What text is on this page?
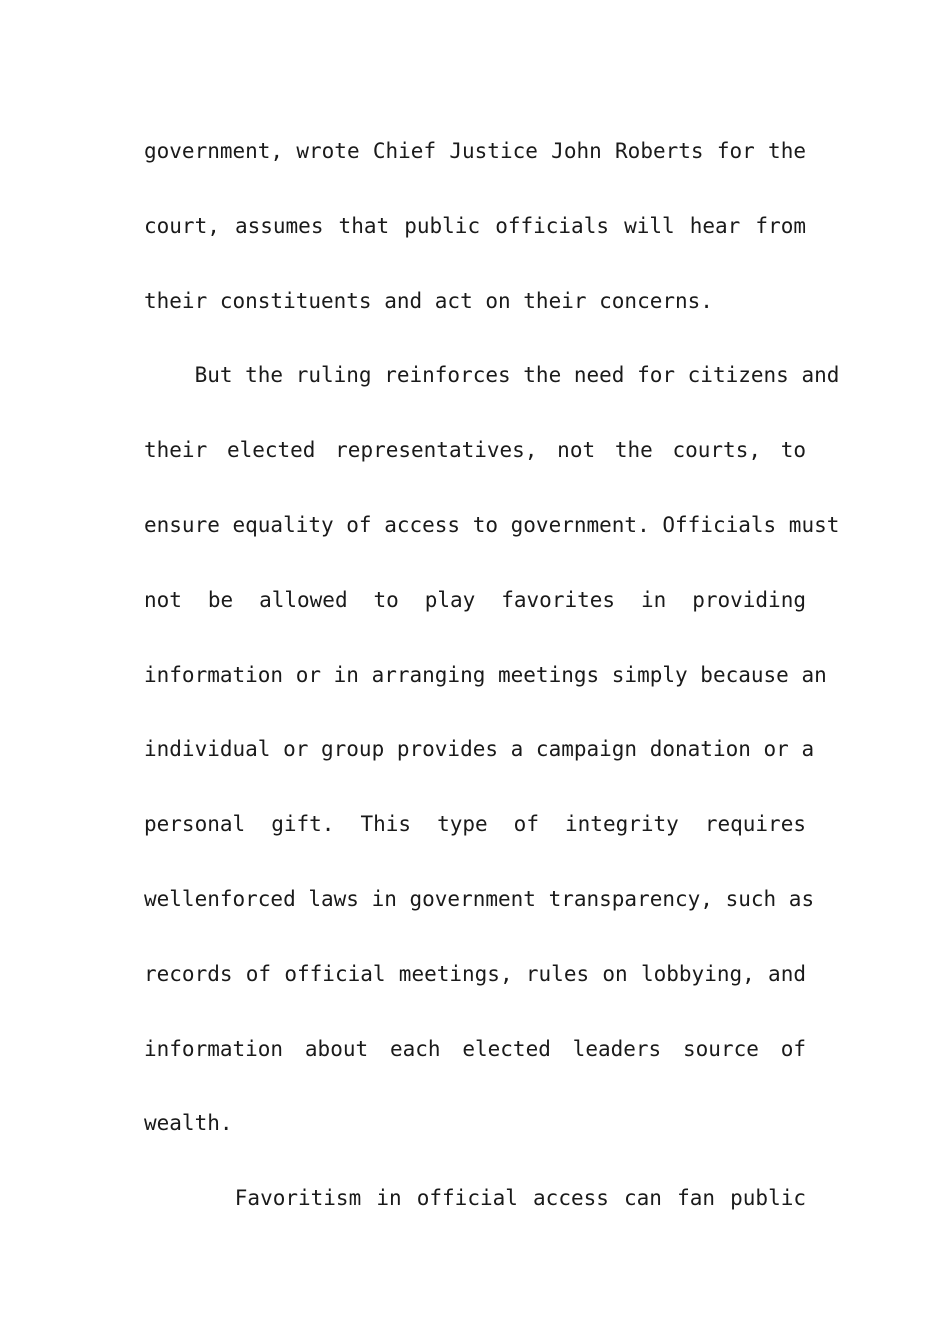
government, wrote Chief Justice John Roberts for the
court, assumes that public officials will hear from
their constituents and act on their concerns.
But the ruling reinforces the need for citizens and
their elected representatives, not the courts, to
ensure equality of access to government. Officials must
not be allowed to play favorites in providing
information or in arranging meetings simply because an
individual or group provides a campaign donation or a
personal gift. This type of integrity requires
wellenforced laws in government transparency, such as
records of official meetings, rules on lobbying, and
information about each elected leaders source of
wealth.
Favoritism in official access can fan public
